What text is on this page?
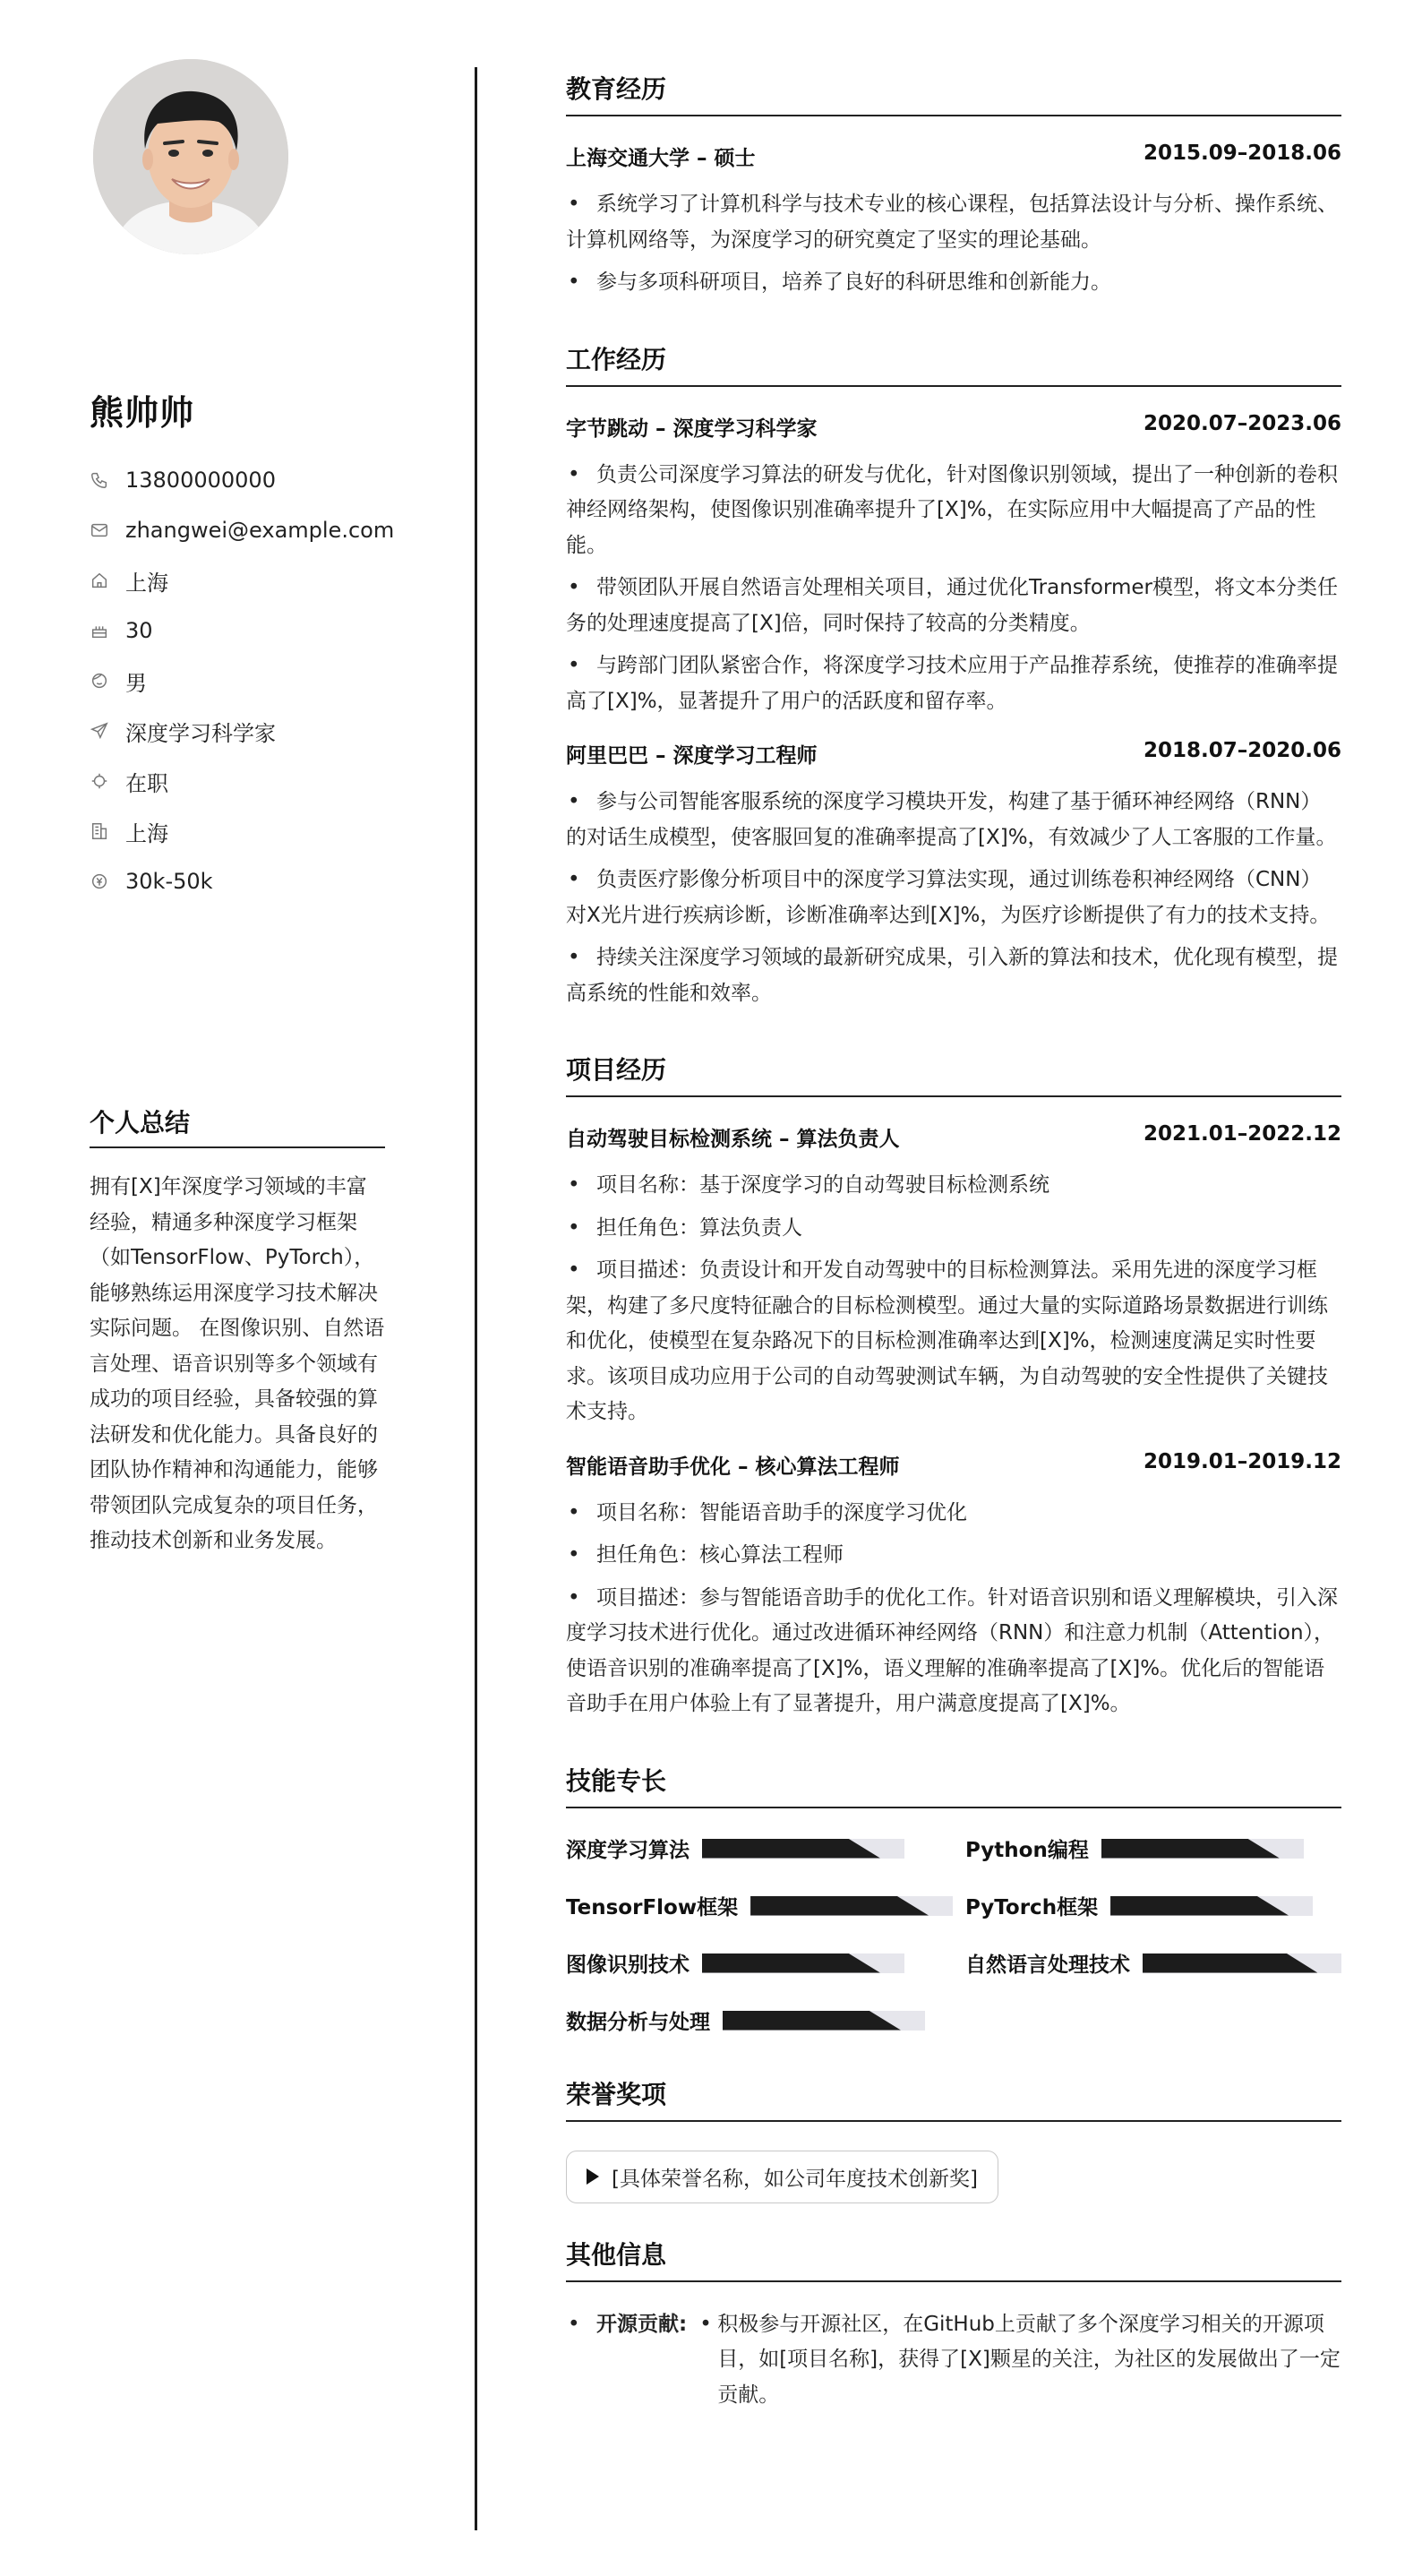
熊帅帅
13800000000
zhangwei@example.com
上海
30
男
深度学习科学家
在职
上海
30k-50k
个人总结
拥有[X]年深度学习领域的丰富经验，精通多种深度学习框架（如TensorFlow、PyTorch），能够熟练运用深度学习技术解决实际问题。 在图像识别、自然语言处理、语音识别等多个领域有成功的项目经验，具备较强的算法研发和优化能力。具备良好的团队协作精神和沟通能力，能够带领团队完成复杂的项目任务，推动技术创新和业务发展。
教育经历
上海交通大学 – 硕士	2015.09–2018.06
• 系统学习了计算机科学与技术专业的核心课程，包括算法设计与分析、操作系统、计算机网络等，为深度学习的研究奠定了坚实的理论基础。
• 参与多项科研项目，培养了良好的科研思维和创新能力。
工作经历
字节跳动 – 深度学习科学家	2020.07–2023.06
• 负责公司深度学习算法的研发与优化，针对图像识别领域，提出了一种创新的卷积神经网络架构，使图像识别准确率提升了[X]%，在实际应用中大幅提高了产品的性能。
• 带领团队开展自然语言处理相关项目，通过优化Transformer模型，将文本分类任务的处理速度提高了[X]倍，同时保持了较高的分类精度。
• 与跨部门团队紧密合作，将深度学习技术应用于产品推荐系统，使推荐的准确率提高了[X]%，显著提升了用户的活跃度和留存率。
阿里巴巴 – 深度学习工程师	2018.07–2020.06
• 参与公司智能客服系统的深度学习模块开发，构建了基于循环神经网络（RNN）的对话生成模型，使客服回复的准确率提高了[X]%，有效减少了人工客服的工作量。
• 负责医疗影像分析项目中的深度学习算法实现，通过训练卷积神经网络（CNN）对X光片进行疾病诊断，诊断准确率达到[X]%，为医疗诊断提供了有力的技术支持。
• 持续关注深度学习领域的最新研究成果，引入新的算法和技术，优化现有模型，提高系统的性能和效率。
项目经历
自动驾驶目标检测系统 – 算法负责人	2021.01–2022.12
• 项目名称：基于深度学习的自动驾驶目标检测系统
• 担任角色：算法负责人
• 项目描述：负责设计和开发自动驾驶中的目标检测算法。采用先进的深度学习框架，构建了多尺度特征融合的目标检测模型。通过大量的实际道路场景数据进行训练和优化，使模型在复杂路况下的目标检测准确率达到[X]%，检测速度满足实时性要求。该项目成功应用于公司的自动驾驶测试车辆，为自动驾驶的安全性提供了关键技术支持。
智能语音助手优化 – 核心算法工程师	2019.01–2019.12
• 项目名称：智能语音助手的深度学习优化
• 担任角色：核心算法工程师
• 项目描述：参与智能语音助手的优化工作。针对语音识别和语义理解模块，引入深度学习技术进行优化。通过改进循环神经网络（RNN）和注意力机制（Attention），使语音识别的准确率提高了[X]%，语义理解的准确率提高了[X]%。优化后的智能语音助手在用户体验上有了显著提升，用户满意度提高了[X]%。
技能专长
深度学习算法	Python编程
TensorFlow框架	PyTorch框架
图像识别技术	自然语言处理技术
数据分析与处理
荣誉奖项
[具体荣誉名称，如公司年度技术创新奖]
其他信息
• 开源贡献: • 积极参与开源社区，在GitHub上贡献了多个深度学习相关的开源项目，如[项目名称]，获得了[X]颗星的关注，为社区的发展做出了一定贡献。
